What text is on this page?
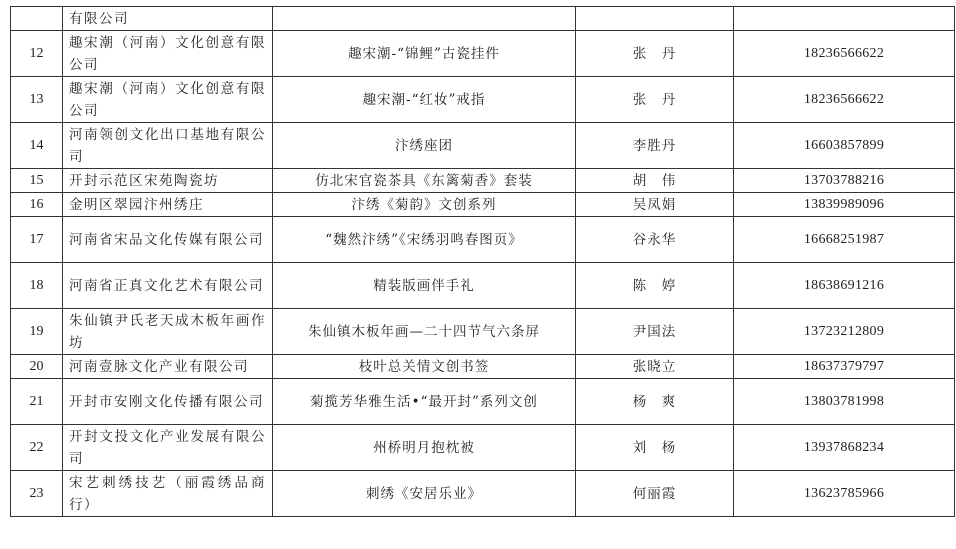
	有限公司			
12	趣宋潮（河南）文化创意有限公司	趣宋潮-“锦鲤”古瓷挂件	张　丹	18236566622
13	趣宋潮（河南）文化创意有限公司	趣宋潮-“红妆”戒指	张　丹	18236566622
14	河南领创文化出口基地有限公司	汴绣座团	李胜丹	16603857899
15	开封示范区宋苑陶瓷坊	仿北宋官瓷茶具《东篱菊香》套装	胡　伟	13703788216
16	金明区翠园汴州绣庄	汴绣《菊韵》文创系列	吴凤娟	13839989096
17	河南省宋品文化传媒有限公司	“魏然汴绣”《宋绣羽鸣春图页》	谷永华	16668251987
18	河南省正真文化艺术有限公司	精装版画伴手礼	陈　婷	18638691216
19	朱仙镇尹氏老天成木板年画作坊	朱仙镇木板年画—二十四节气六条屏	尹国法	13723212809
20	河南壹脉文化产业有限公司	枝叶总关情文创书签	张晓立	18637379797
21	开封市安刚文化传播有限公司	菊揽芳华雅生活•“最开封”系列文创	杨　爽	13803781998
22	开封文投文化产业发展有限公司	州桥明月抱枕被	刘　杨	13937868234
23	宋艺刺绣技艺（丽霞绣品商行）	刺绣《安居乐业》	何丽霞	13623785966
